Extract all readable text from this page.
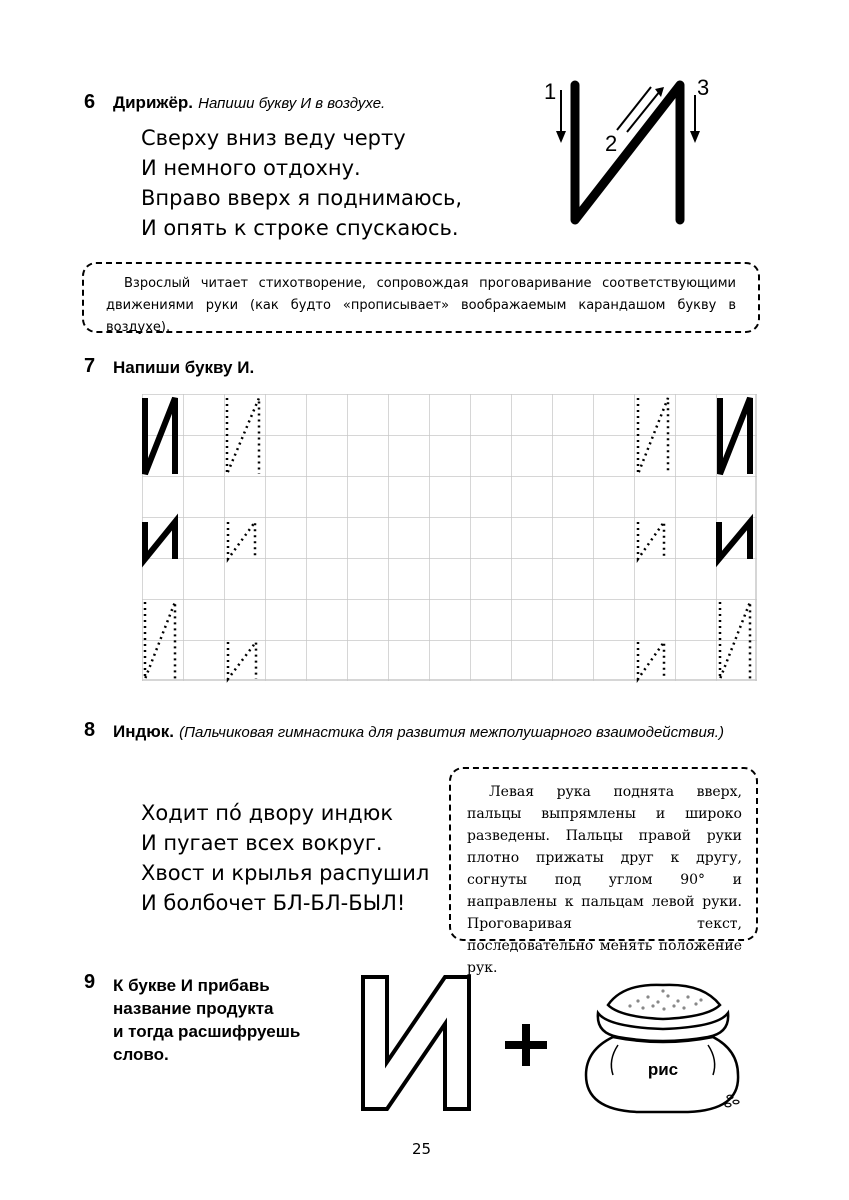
6 Дирижёр. Напиши букву И в воздухе.
Сверху вниз веду черту
И немного отдохну.
Вправо вверх я поднимаюсь,
И опять к строке спускаюсь.
1
2
3
Взрослый читает стихотворение, сопровождая проговаривание соответствующими движениями руки (как будто «прописывает» воображаемым карандашом букву в воздухе).
7 Напиши букву И.
8 Индюк. (Пальчиковая гимнастика для развития межполушарного взаимодействия.)
Ходит пó двору индюк
И пугает всех вокруг.
Хвост и крылья распушил
И болбочет БЛ-БЛ-БЫЛ!
Левая рука поднята вверх, пальцы выпрямлены и широко разведены. Пальцы правой руки плотно прижаты друг к другу, согнуты под углом 90° и направлены к пальцам левой руки. Проговаривая текст, последовательно менять положение рук.
9 К букве И прибавь
название продукта
и тогда расшифруешь
слово.
рис
25
